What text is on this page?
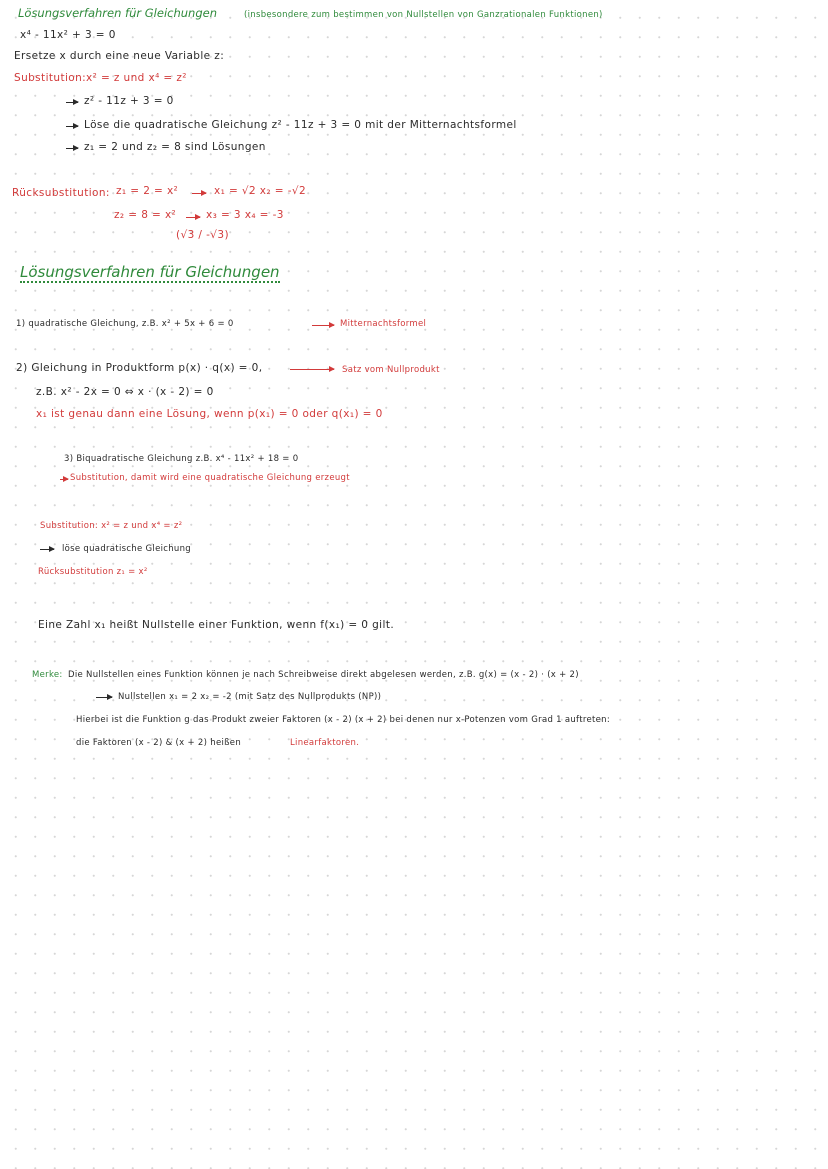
Lösungsverfahren für Gleichungen	(insbesondere zum bestimmen von Nullstellen von Ganzrationalen Funktionen)
x⁴ - 11x² + 3 = 0
Ersetze x durch eine neue Variable z:
Substitution: x² = z und x⁴ = z²
z² - 11z + 3 = 0
Löse die quadratische Gleichung z² - 11z + 3 = 0 mit der Mitternachtsformel
z₁ = 2 und z₂ = 8 sind Lösungen
Rücksubstitution: z₁ = 2 = x²	x₁ = √2 x₂ = -√2
z₂ = 8 = x²	x₃ = 3 x₄ = -3
(√3 / -√3)
Lösungsverfahren für Gleichungen
1) quadratische Gleichung, z.B. x² + 5x + 6 = 0	Mitternachtsformel
2) Gleichung in Produktform p(x) · q(x) = 0,	Satz vom Nullprodukt
z.B. x² - 2x = 0 ⇔ x · (x - 2) = 0
x₁ ist genau dann eine Lösung, wenn p(x₁) = 0 oder q(x₁) = 0
3) Biquadratische Gleichung z.B. x⁴ - 11x² + 18 = 0
Substitution, damit wird eine quadratische Gleichung erzeugt
Substitution: x² = z und x⁴ = z²
löse quadratische Gleichung
Rücksubstitution z₁ = x²
Eine Zahl x₁ heißt Nullstelle einer Funktion, wenn f(x₁) = 0 gilt.
Merke: Die Nullstellen eines Funktion können je nach Schreibweise direkt abgelesen werden, z.B. g(x) = (x - 2) · (x + 2)
Nullstellen x₁ = 2 x₂ = -2 (mit Satz des Nullprodukts (NP))
Hierbei ist die Funktion g das Produkt zweier Faktoren (x - 2) (x + 2) bei denen nur x-Potenzen vom Grad 1 auftreten:
die Faktoren (x - 2) & (x + 2) heißen	Linearfaktoren.
